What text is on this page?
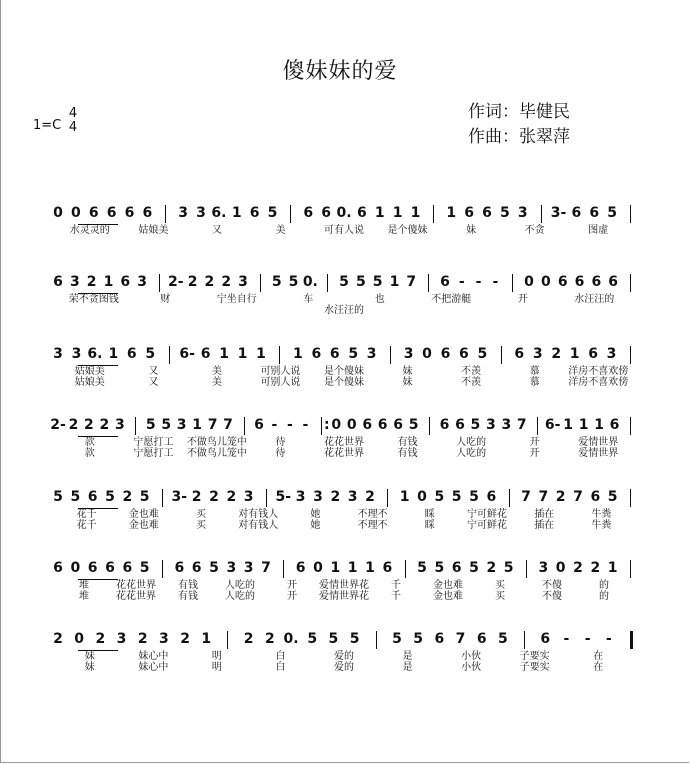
傻妹妹的爱
1=C
4
4
作词：毕健民
作曲：张翠萍
0 0 6 6 6 6 3 3 6. 1 6 5 6 6 0. 6 1 1 1 1 6 6 5 3 3- 6 6 5
水灵灵的	姑娘美	又	美	可有人说 是个傻妹	妹	不贪	图虚
6 3 2 1 6 3 2- 2 2 2 3 5 5 0. 5 5 5 1 7 6 - - - 0 0 6 6 6 6
荣不贪图钱	财	宁坐自行	车	也	不把游艇	开	水汪汪的
水汪汪的
3 3 6. 1 6 5 6- 6 1 1 1 1 6 6 5 3 3 0 6 6 5 6 3 2 1 6 3
姑娘美	又	美	可别人说 是个傻妹	妹	不羡	慕	洋房不喜欢傍
姑娘美	又	美	可别人说 是个傻妹	妹	不羡	慕	洋房不喜欢傍
2- 2 2 2 3 5 5 3 1 7 7 6 - - - : 0 0 6 6 6 5 6 6 5 3 3 7 6- 1 1 1 6
款	宁愿打工 不做鸟儿笼中	待	花花世界	有钱	人吃的	开	爱情世界
款	宁愿打工 不做鸟儿笼中	待	花花世界	有钱	人吃的	开	爱情世界
5 5 6 5 2 5 3- 2 2 2 3 5- 3 3 2 3 2 1 0 5 5 5 6 7 7 2 7 6 5
花千	金也难	买	对有钱人	她	不理不	睬	宁可鲜花	插在	牛粪
花千	金也难	买	对有钱人	她	不理不	睬	宁可鲜花	插在	牛粪
6 0 6 6 6 5 6 6 5 3 3 7 6 0 1 1 1 6 5 5 6 5 2 5 3 0 2 2 1
堆	花花世界 有钱	人吃的	开 爱情世界花 千	金也难	买	不傻	的
堆	花花世界 有钱	人吃的	开 爱情世界花 千	金也难	买	不傻	的
2 0 2 3 2 3 2 1 2 2 0. 5 5 5 5 5 6 7 6 5 6 - - -
妹	妹心中	明	白	爱的	是	小伙	子要实	在
妹	妹心中	明	白	爱的	是	小伙	子要实	在
